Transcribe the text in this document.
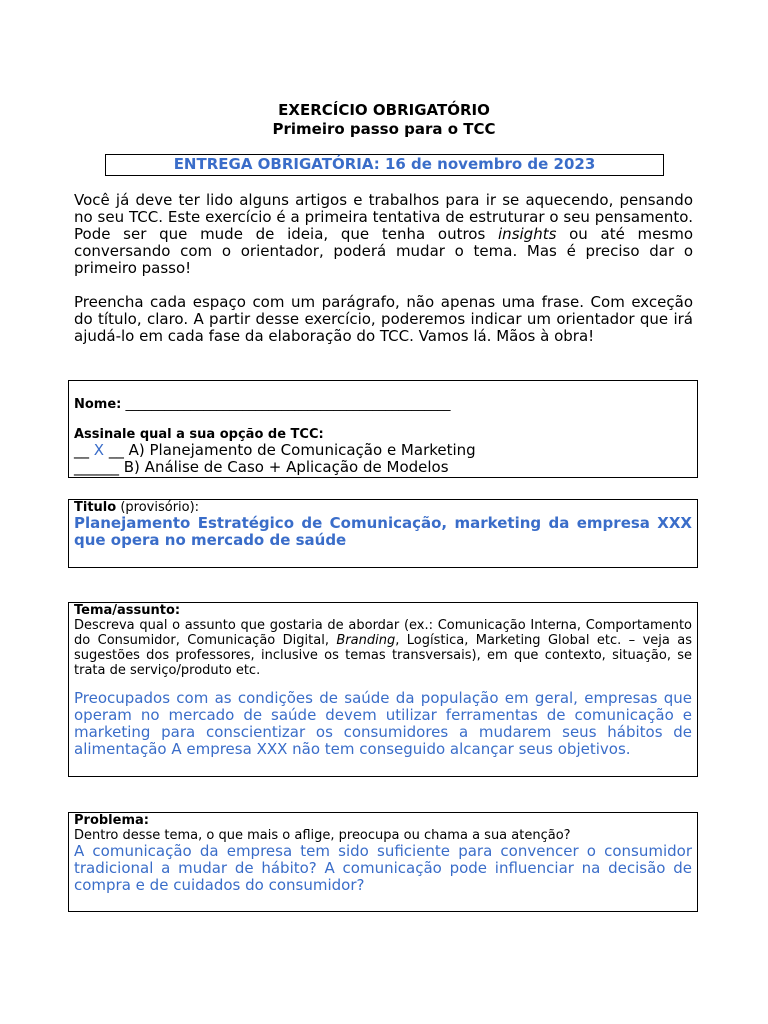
EXERCÍCIO OBRIGATÓRIO
Primeiro passo para o TCC
ENTREGA OBRIGATÓRIA: 16 de novembro de 2023

Você já deve ter lido alguns artigos e trabalhos para ir se aquecendo, pensando no seu TCC. Este exercício é a primeira tentativa de estruturar o seu pensamento. Pode ser que mude de ideia, que tenha outros insights ou até mesmo conversando com o orientador, poderá mudar o tema. Mas é preciso dar o primeiro passo!

Preencha cada espaço com um parágrafo, não apenas uma frase. Com exceção do título, claro. A partir desse exercício, poderemos indicar um orientador que irá ajudá-lo em cada fase da elaboração do TCC. Vamos lá. Mãos à obra!

Nome: __________________________________________________
Assinale qual a sua opção de TCC:
__ X __ A) Planejamento de Comunicação e Marketing
______ B) Análise de Caso + Aplicação de Modelos
Titulo (provisório):
Planejamento Estratégico de Comunicação, marketing da empresa XXX que opera no mercado de saúde
Tema/assunto:
Descreva qual o assunto que gostaria de abordar (ex.: Comunicação Interna, Comportamento do Consumidor, Comunicação Digital, Branding, Logística, Marketing Global etc. – veja as sugestões dos professores, inclusive os temas transversais), em que contexto, situação, se trata de serviço/produto etc.
Preocupados com as condições de saúde da população em geral, empresas que operam no mercado de saúde devem utilizar ferramentas de comunicação e marketing para conscientizar os consumidores a mudarem seus hábitos de alimentação A empresa XXX não tem conseguido alcançar seus objetivos.
Problema:
Dentro desse tema, o que mais o aflige, preocupa ou chama a sua atenção?
A comunicação da empresa tem sido suficiente para convencer o consumidor tradicional a mudar de hábito? A comunicação pode influenciar na decisão de compra e de cuidados do consumidor?
